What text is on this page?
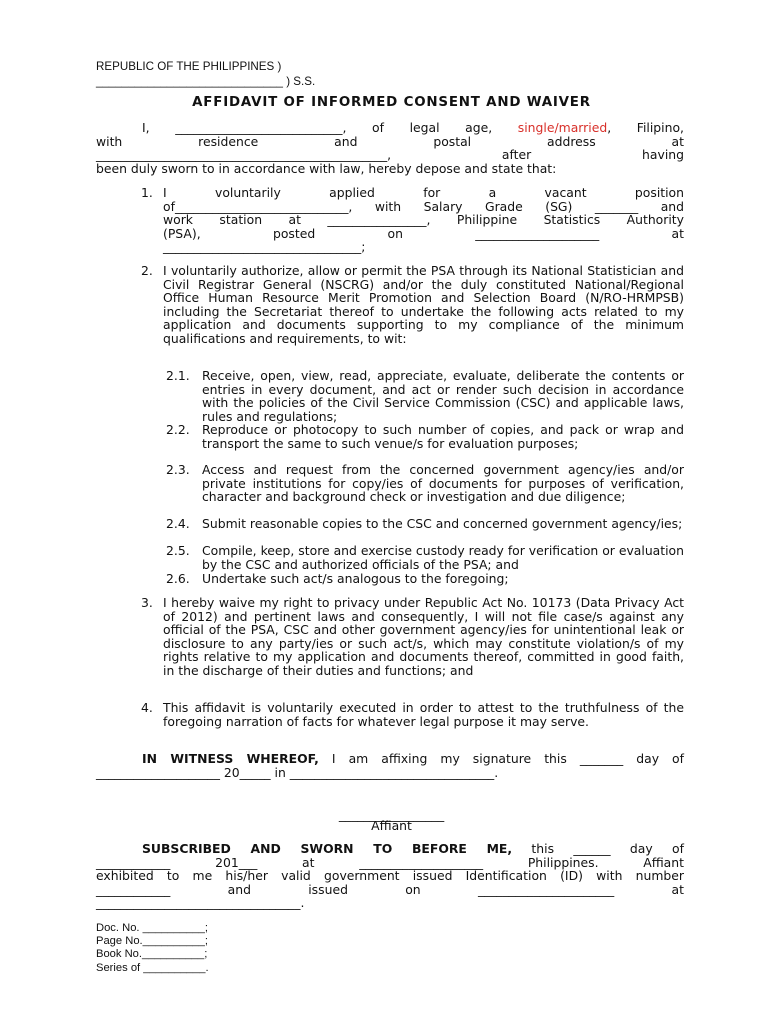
REPUBLIC OF THE PHILIPPINES )
_____________________________ ) S.S.
AFFIDAVIT OF INFORMED CONSENT AND WAIVER
I, ___________________________, of legal age, single/married, Filipino,
with residence and postal address at
_______________________________________________, after having
been duly sworn to in accordance with law, hereby depose and state that:
1. I voluntarily applied for a vacant position
of____________________________, with Salary Grade (SG) _______ and
work station at ________________, Philippine Statistics Authority
(PSA), posted on ____________________ at
________________________________;
2. I voluntarily authorize, allow or permit the PSA through its National Statistician and Civil Registrar General (NSCRG) and/or the duly constituted National/Regional Office Human Resource Merit Promotion and Selection Board (N/RO-HRMPSB) including the Secretariat thereof to undertake the following acts related to my application and documents supporting to my compliance of the minimum qualifications and requirements, to wit:
2.1. Receive, open, view, read, appreciate, evaluate, deliberate the contents or entries in every document, and act or render such decision in accordance with the policies of the Civil Service Commission (CSC) and applicable laws, rules and regulations;
2.2. Reproduce or photocopy to such number of copies, and pack or wrap and transport the same to such venue/s for evaluation purposes;
2.3. Access and request from the concerned government agency/ies and/or private institutions for copy/ies of documents for purposes of verification, character and background check or investigation and due diligence;
2.4. Submit reasonable copies to the CSC and concerned government agency/ies;
2.5. Compile, keep, store and exercise custody ready for verification or evaluation by the CSC and authorized officials of the PSA; and
2.6. Undertake such act/s analogous to the foregoing;
3. I hereby waive my right to privacy under Republic Act No. 10173 (Data Privacy Act of 2012) and pertinent laws and consequently, I will not file case/s against any official of the PSA, CSC and other government agency/ies for unintentional leak or disclosure to any party/ies or such act/s, which may constitute violation/s of my rights relative to my application and documents thereof, committed in good faith, in the discharge of their duties and functions; and
4. This affidavit is voluntarily executed in order to attest to the truthfulness of the foregoing narration of facts for whatever legal purpose it may serve.
IN WITNESS WHEREOF, I am affixing my signature this _______ day of
____________________ 20_____ in _________________________________.
_________________
Affiant
SUBSCRIBED AND SWORN TO BEFORE ME, this ______ day of
____________ 201___ at ____________________ Philippines. Affiant
exhibited to me his/her valid government issued Identification (ID) with number
____________ and issued on ______________________ at
_________________________________.
Doc. No. __________;
Page No.__________;
Book No.__________;
Series of __________.
